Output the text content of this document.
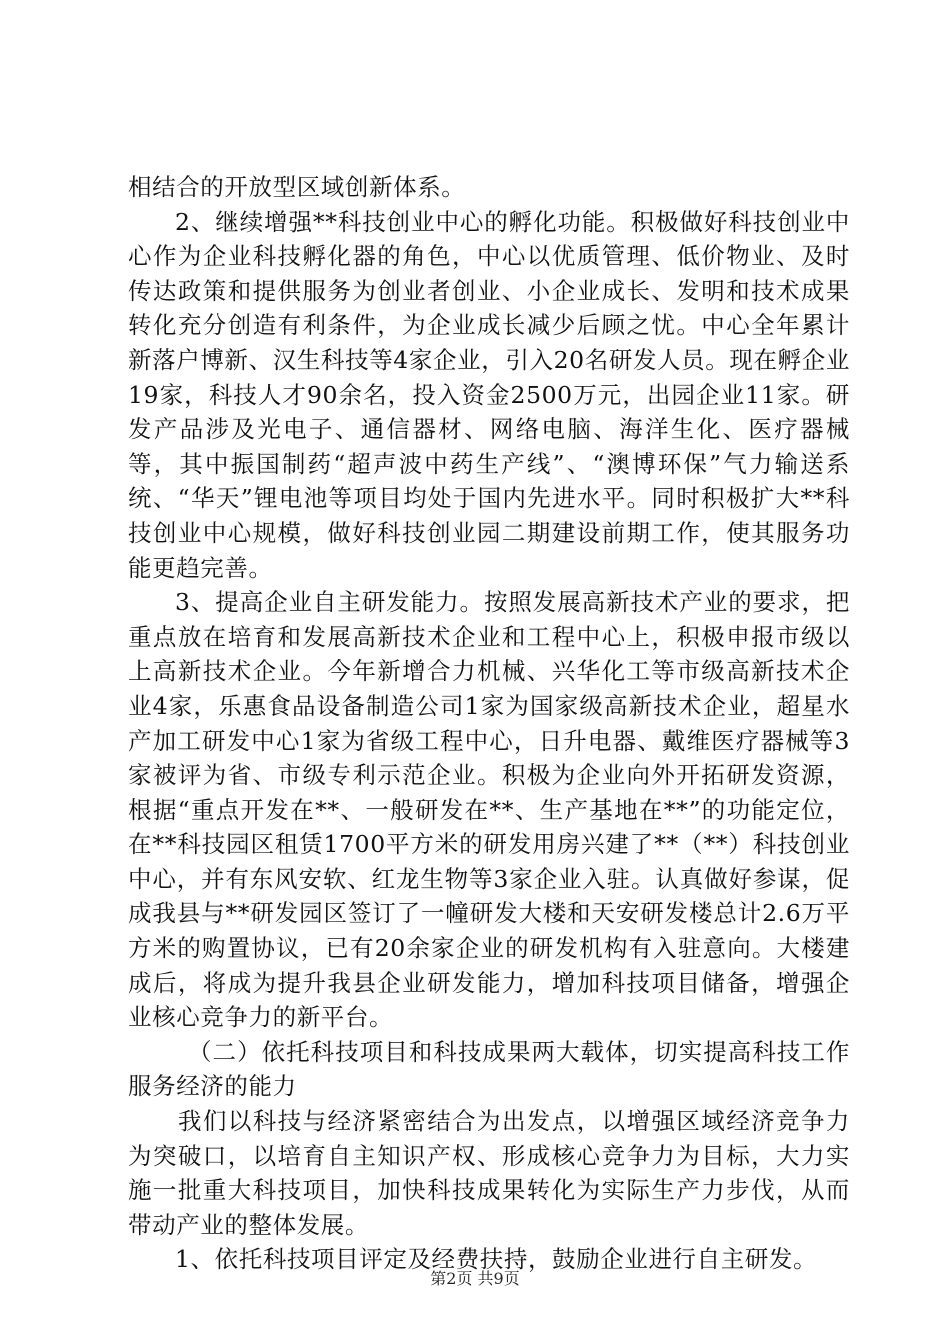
相结合的开放型区域创新体系。

2、继续增强**科技创业中心的孵化功能。积极做好科技创业中心作为企业科技孵化器的角色，中心以优质管理、低价物业、及时传达政策和提供服务为创业者创业、小企业成长、发明和技术成果转化充分创造有利条件，为企业成长减少后顾之忧。中心全年累计新落户博新、汉生科技等4家企业，引入20名研发人员。现在孵企业19家，科技人才90余名，投入资金2500万元，出园企业11家。研发产品涉及光电子、通信器材、网络电脑、海洋生化、医疗器械等，其中振国制药“超声波中药生产线”、“澳博环保”气力输送系统、“华天”锂电池等项目均处于国内先进水平。同时积极扩大**科技创业中心规模，做好科技创业园二期建设前期工作，使其服务功能更趋完善。

3、提高企业自主研发能力。按照发展高新技术产业的要求，把重点放在培育和发展高新技术企业和工程中心上，积极申报市级以上高新技术企业。今年新增合力机械、兴华化工等市级高新技术企业4家，乐惠食品设备制造公司1家为国家级高新技术企业，超星水产加工研发中心1家为省级工程中心，日升电器、戴维医疗器械等3家被评为省、市级专利示范企业。积极为企业向外开拓研发资源，根据“重点开发在**、一般研发在**、生产基地在**”的功能定位，在**科技园区租赁1700平方米的研发用房兴建了**（**）科技创业中心，并有东风安软、红龙生物等3家企业入驻。认真做好参谋，促成我县与**研发园区签订了一幢研发大楼和天安研发楼总计2.6万平方米的购置协议，已有20余家企业的研发机构有入驻意向。大楼建成后，将成为提升我县企业研发能力，增加科技项目储备，增强企业核心竞争力的新平台。

（二）依托科技项目和科技成果两大载体，切实提高科技工作服务经济的能力

我们以科技与经济紧密结合为出发点，以增强区域经济竞争力为突破口，以培育自主知识产权、形成核心竞争力为目标，大力实施一批重大科技项目，加快科技成果转化为实际生产力步伐，从而带动产业的整体发展。

1、依托科技项目评定及经费扶持，鼓励企业进行自主研发。

第2页 共9页
